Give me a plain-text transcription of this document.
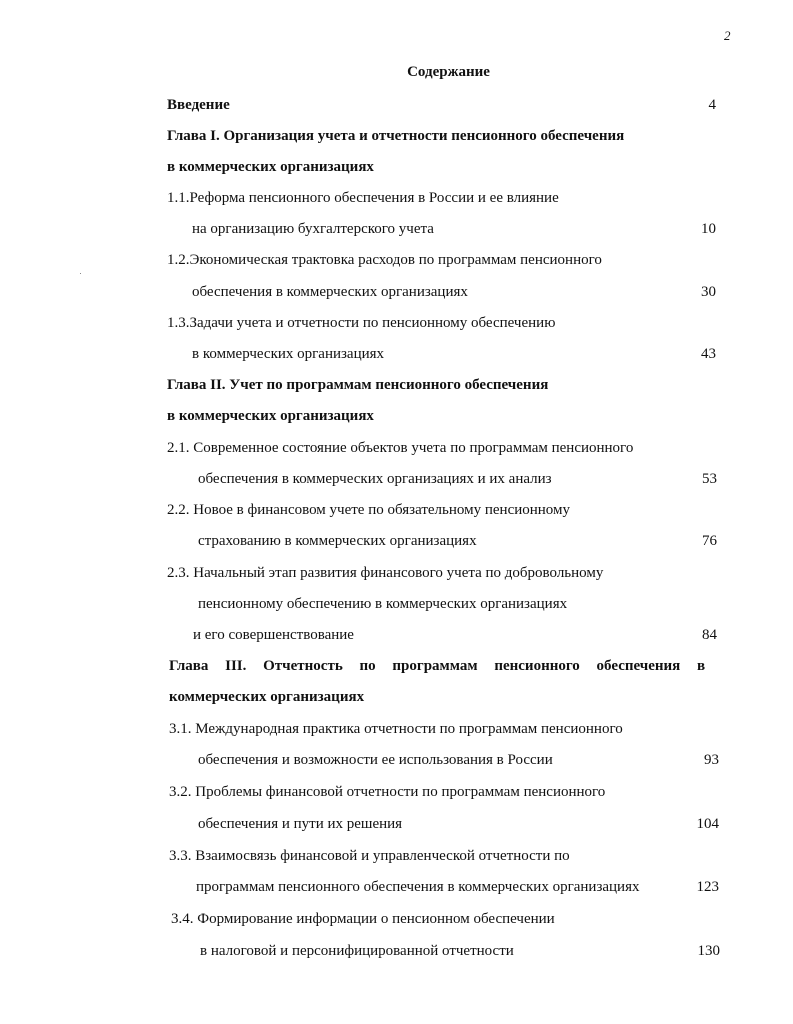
2
Содержание
Введение	4
Глава I. Организация учета и отчетности пенсионного обеспечения
в коммерческих организациях
1.1.Реформа пенсионного обеспечения в России и ее влияние
на организацию бухгалтерского учета	10
1.2.Экономическая трактовка расходов по программам пенсионного
обеспечения в коммерческих организациях	30
1.3.Задачи учета и отчетности по пенсионному обеспечению
в коммерческих организациях	43
Глава II. Учет по программам пенсионного обеспечения
в коммерческих организациях
2.1. Современное состояние объектов учета по программам пенсионного
обеспечения в коммерческих организациях и их анализ	53
2.2. Новое в финансовом учете по обязательному пенсионному
страхованию в коммерческих организациях	76
2.3. Начальный этап развития финансового учета по добровольному
пенсионному обеспечению в коммерческих организациях
и его совершенствование	84
Глава III. Отчетность по программам пенсионного обеспечения в
коммерческих организациях
3.1. Международная практика отчетности по программам пенсионного
обеспечения и возможности ее использования в России	93
3.2. Проблемы финансовой отчетности по программам пенсионного
обеспечения и пути их решения	104
3.3. Взаимосвязь финансовой и управленческой отчетности по
программам пенсионного обеспечения в коммерческих организациях	123
3.4. Формирование информации о пенсионном обеспечении
в налоговой и персонифицированной отчетности	130
